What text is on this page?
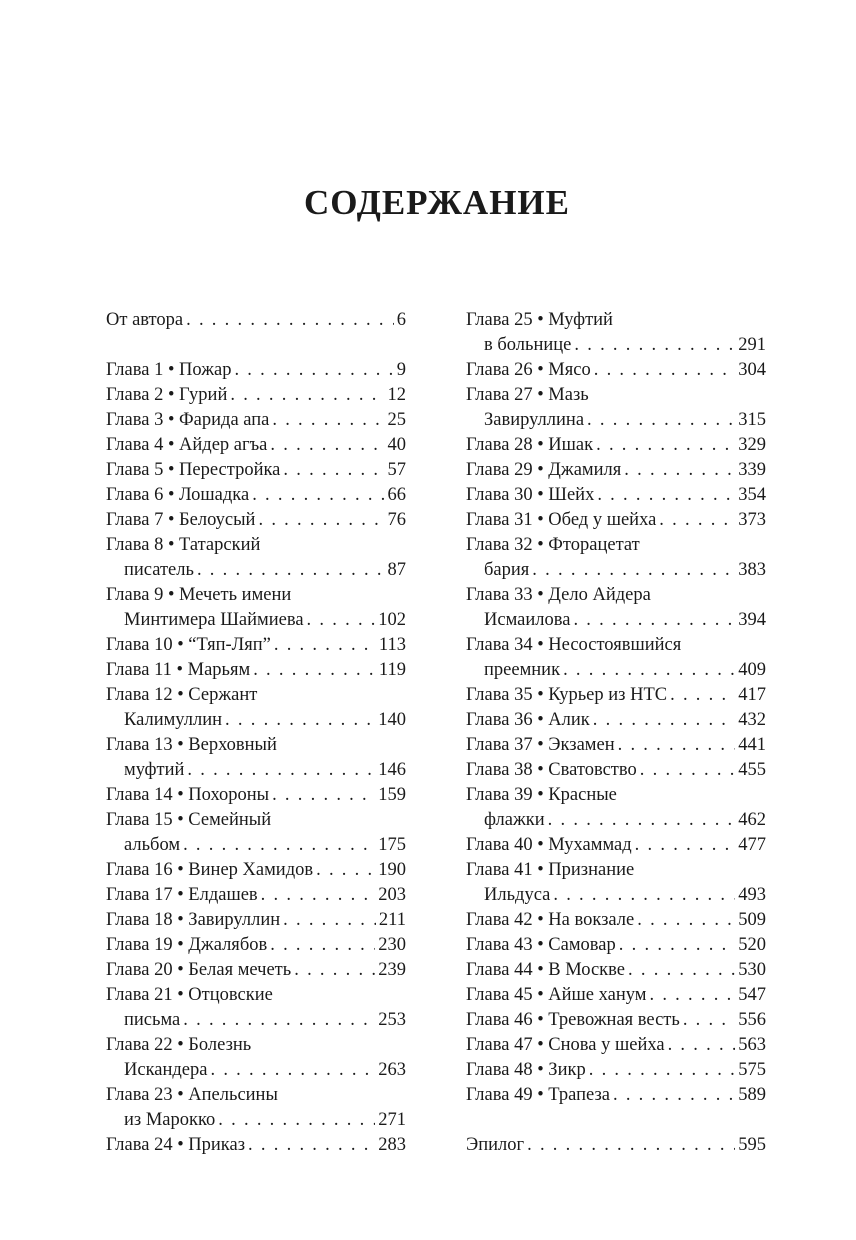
СОДЕРЖАНИЕ
От автора . . .	6
Глава 1 • Пожар . . .	9
Глава 2 • Гурий . . .	12
Глава 3 • Фарида апа . . .	25
Глава 4 • Айдер агъа . . .	40
Глава 5 • Перестройка . . .	57
Глава 6 • Лошадка . . .	66
Глава 7 • Белоусый . . .	76
Глава 8 • Татарский
писатель . . .	87
Глава 9 • Мечеть имени
Минтимера Шаймиева . . .	102
Глава 10 • “Тяп-Ляп” . . .	113
Глава 11 • Марьям . . .	119
Глава 12 • Сержант
Калимуллин . . .	140
Глава 13 • Верховный
муфтий . . .	146
Глава 14 • Похороны . . .	159
Глава 15 • Семейный
альбом . . .	175
Глава 16 • Винер Хамидов . . .	190
Глава 17 • Елдашев . . .	203
Глава 18 • Завируллин . . .	211
Глава 19 • Джалябов . . .	230
Глава 20 • Белая мечеть . . .	239
Глава 21 • Отцовские
письма . . .	253
Глава 22 • Болезнь
Искандера . . .	263
Глава 23 • Апельсины
из Марокко . . .	271
Глава 24 • Приказ . . .	283
Глава 25 • Муфтий
в больнице . . .	291
Глава 26 • Мясо . . .	304
Глава 27 • Мазь
Завируллина . . .	315
Глава 28 • Ишак . . .	329
Глава 29 • Джамиля . . .	339
Глава 30 • Шейх . . .	354
Глава 31 • Обед у шейха . . .	373
Глава 32 • Фторацетат
бария . . .	383
Глава 33 • Дело Айдера
Исмаилова . . .	394
Глава 34 • Несостоявшийся
преемник . . .	409
Глава 35 • Курьер из НТС . . .	417
Глава 36 • Алик . . .	432
Глава 37 • Экзамен . . .	441
Глава 38 • Сватовство . . .	455
Глава 39 • Красные
флажки . . .	462
Глава 40 • Мухаммад . . .	477
Глава 41 • Признание
Ильдуса . . .	493
Глава 42 • На вокзале . . .	509
Глава 43 • Самовар . . .	520
Глава 44 • В Москве . . .	530
Глава 45 • Айше ханум . . .	547
Глава 46 • Тревожная весть . . .	556
Глава 47 • Снова у шейха . . .	563
Глава 48 • Зикр . . .	575
Глава 49 • Трапеза . . .	589
Эпилог . . .	595
